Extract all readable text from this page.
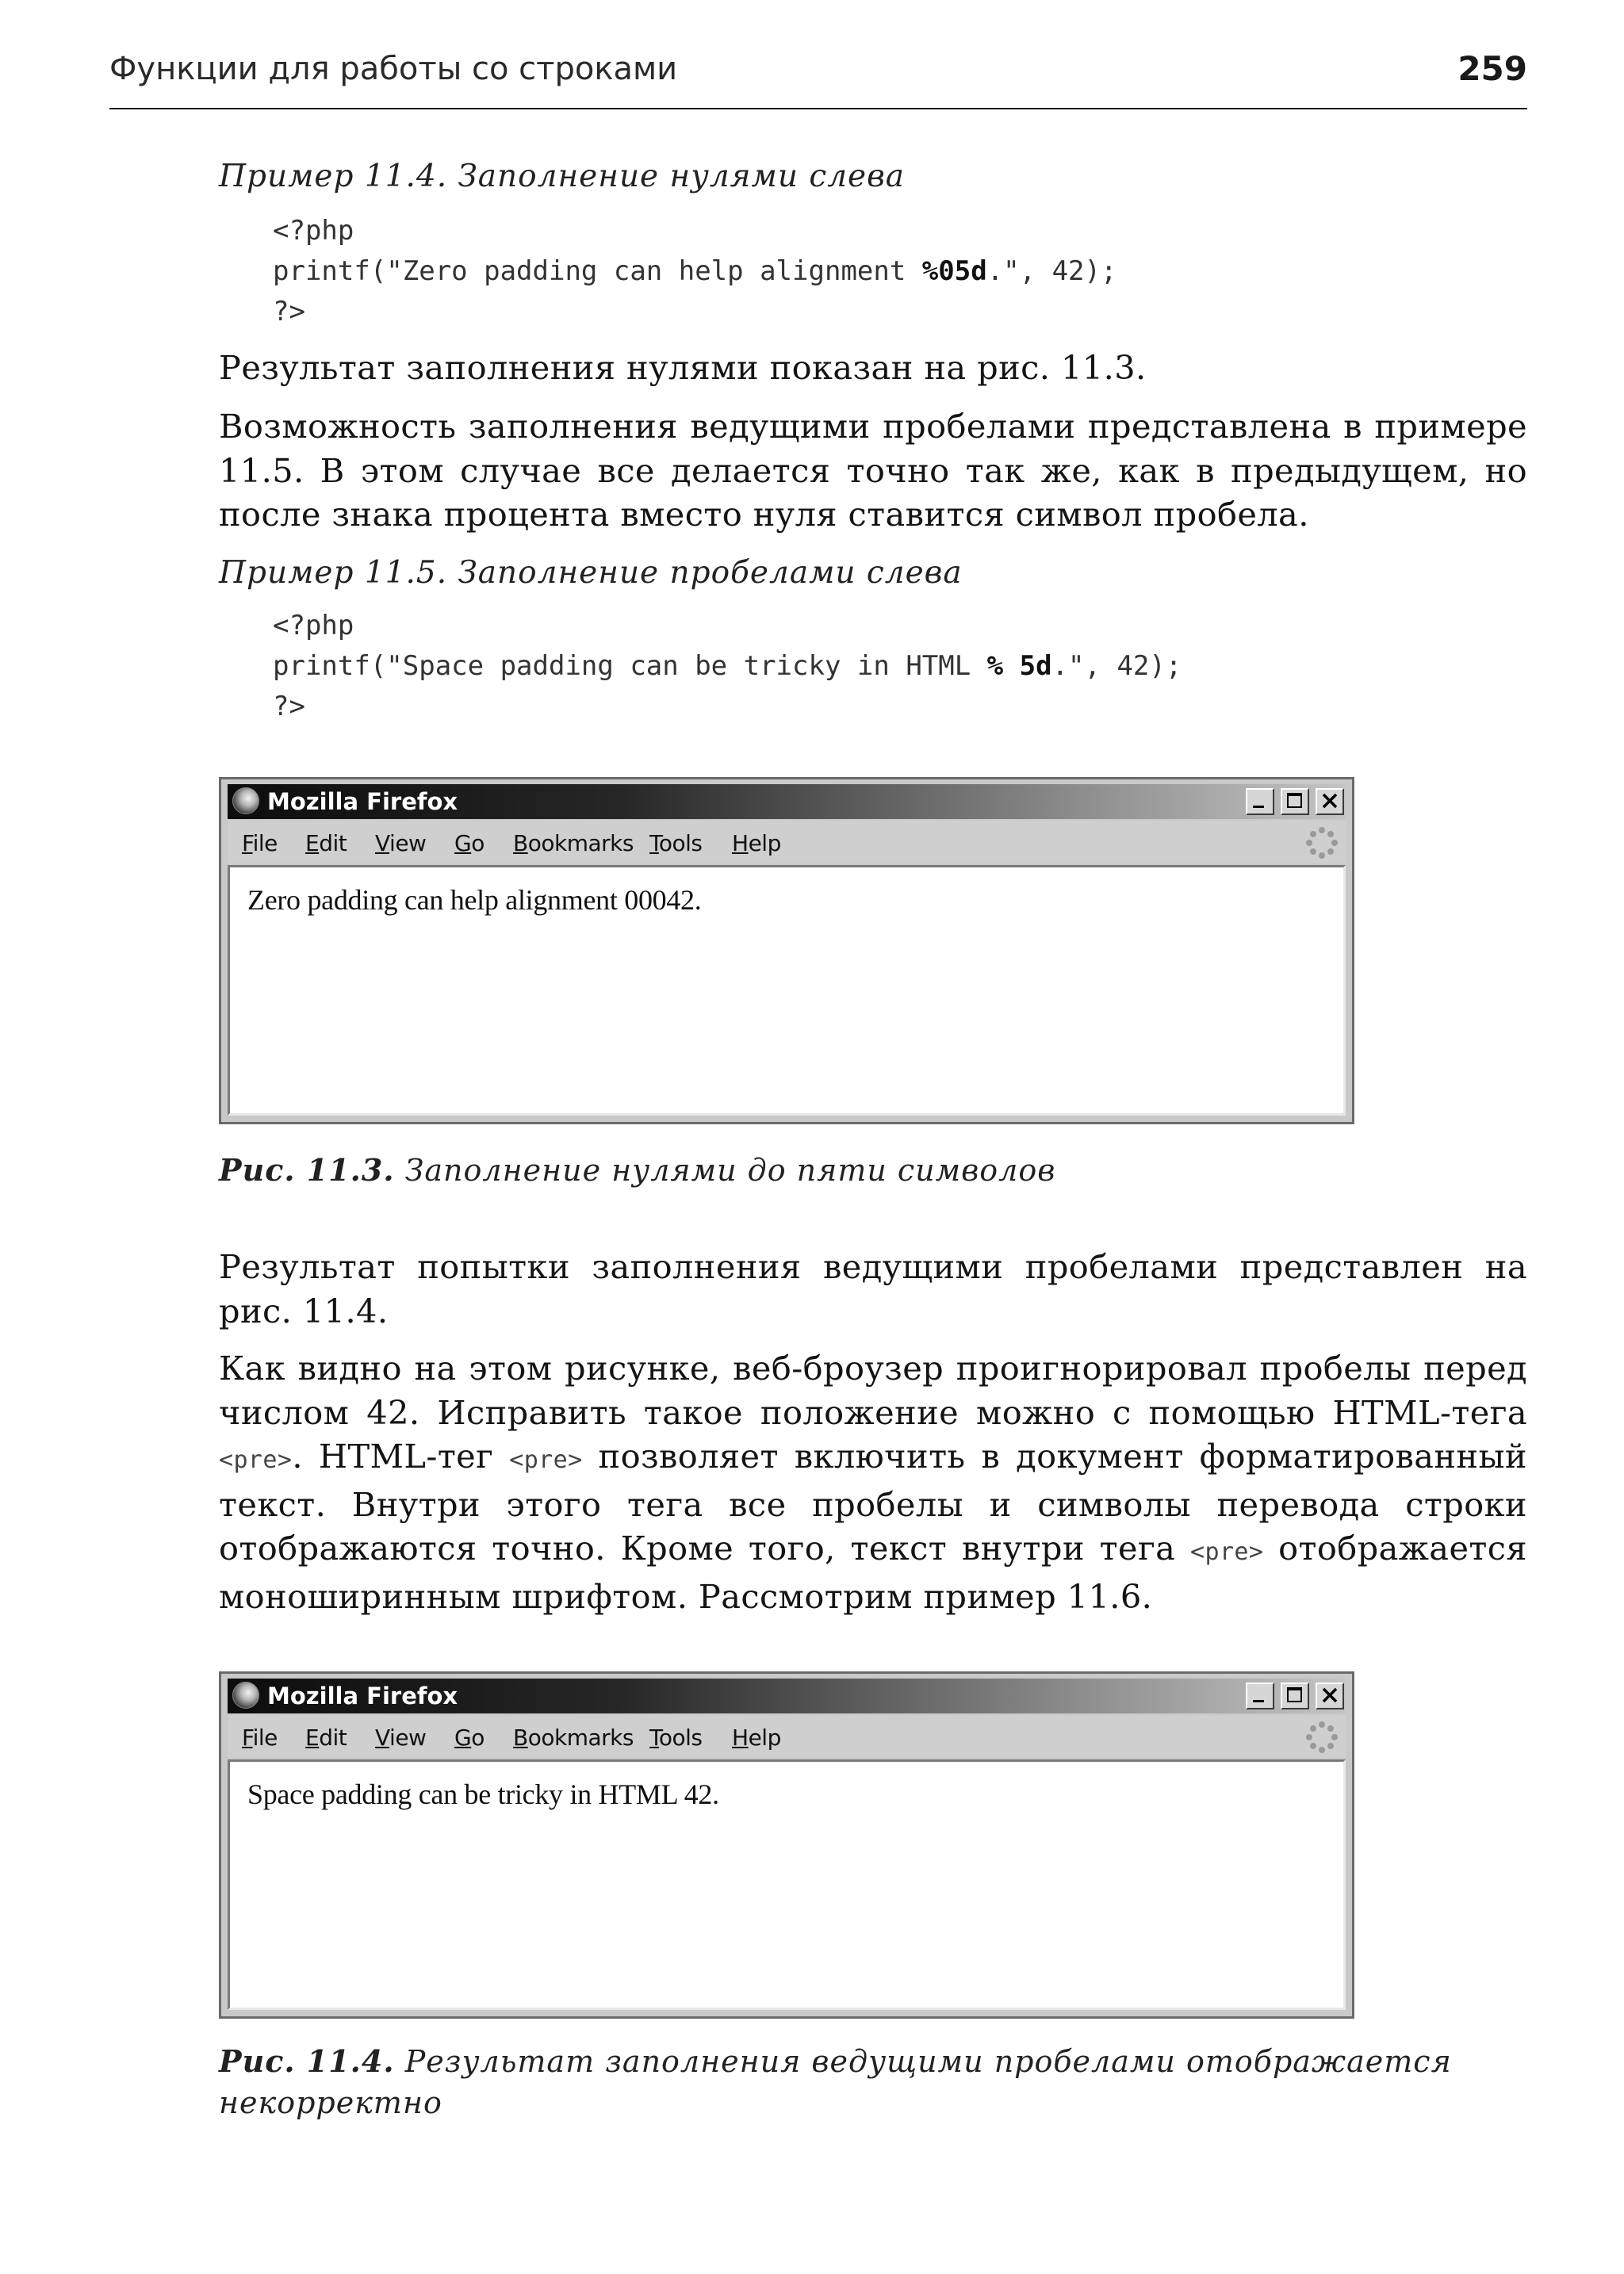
Функции для работы со строками	259
Пример 11.4. Заполнение нулями слева
<?php
printf("Zero padding can help alignment %05d.", 42);
?>
Результат заполнения нулями показан на рис. 11.3.
Возможность заполнения ведущими пробелами представлена в примере 11.5. В этом случае все делается точно так же, как в предыдущем, но после знака процента вместо нуля ставится символ пробела.
Пример 11.5. Заполнение пробелами слева
<?php
printf("Space padding can be tricky in HTML % 5d.", 42);
?>
Mozilla Firefox

File Edit View Go Bookmarks Tools Help
Zero padding can help alignment 00042.
Рис. 11.3. Заполнение нулями до пяти символов
Результат попытки заполнения ведущими пробелами представлен на рис. 11.4.
Как видно на этом рисунке, веб-броузер проигнорировал пробелы перед числом 42. Исправить такое положение можно с помощью HTML-тега <pre>. HTML-тег <pre> позволяет включить в документ форматированный текст. Внутри этого тега все пробелы и символы перевода строки отображаются точно. Кроме того, текст внутри тега <pre> отображается моноширинным шрифтом. Рассмотрим пример 11.6.
Mozilla Firefox

File Edit View Go Bookmarks Tools Help
Space padding can be tricky in HTML 42.
Рис. 11.4. Результат заполнения ведущими пробелами отображается некорректно
